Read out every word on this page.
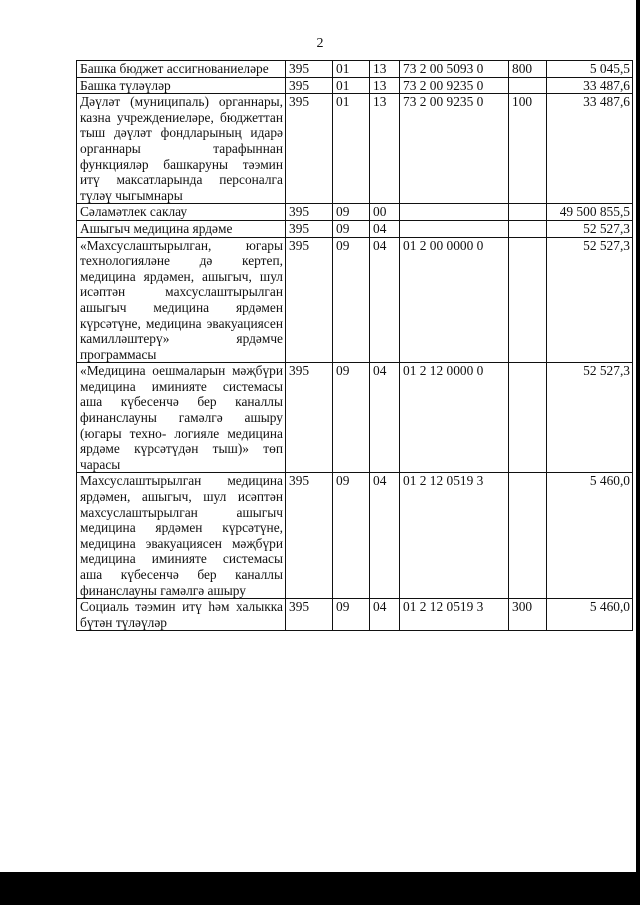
2
Башка бюджет ассигнованиеләре	395	01	13	73 2 00 5093 0	800	5 045,5
Башка түләүләр	395	01	13	73 2 00 9235 0		33 487,6
Дәүләт (муниципаль) органнары, казна учреждениеләре, бюджеттан тыш дәүләт фондларының идарә органнары тарафыннан функцияләр башкаруны тәэмин итү максатларында персоналга түләү чыгымнары	395	01	13	73 2 00 9235 0	100	33 487,6
Сәламәтлек саклау	395	09	00			49 500 855,5
Ашыгыч медицина ярдәме	395	09	04			52 527,3
«Махсуслаштырылган, югары технологияләне дә кертеп, медицина ярдәмен, ашыгыч, шул исәптән махсуслаштырылган ашыгыч медицина ярдәмен күрсәтүне, медицина эвакуациясен камилләштерү» ярдәмче программасы	395	09	04	01 2 00 0000 0		52 527,3
«Медицина оешмаларын мәҗбүри медицина иминияте системасы аша күбесенчә бер каналлы финанслауны гамәлгә ашыру (югары техно- логияле медицина ярдәме күрсәтүдән тыш)» төп чарасы	395	09	04	01 2 12 0000 0		52 527,3
Махсуслаштырылган медицина ярдәмен, ашыгыч, шул исәптән махсуслаштырылган ашыгыч медицина ярдәмен күрсәтүне, медицина эвакуациясен мәҗбүри медицина иминияте системасы аша күбесенчә бер каналлы финанслауны гамәлгә ашыру	395	09	04	01 2 12 0519 3		5 460,0
Социаль тәэмин итү һәм халыкка бүтән түләүләр	395	09	04	01 2 12 0519 3	300	5 460,0
